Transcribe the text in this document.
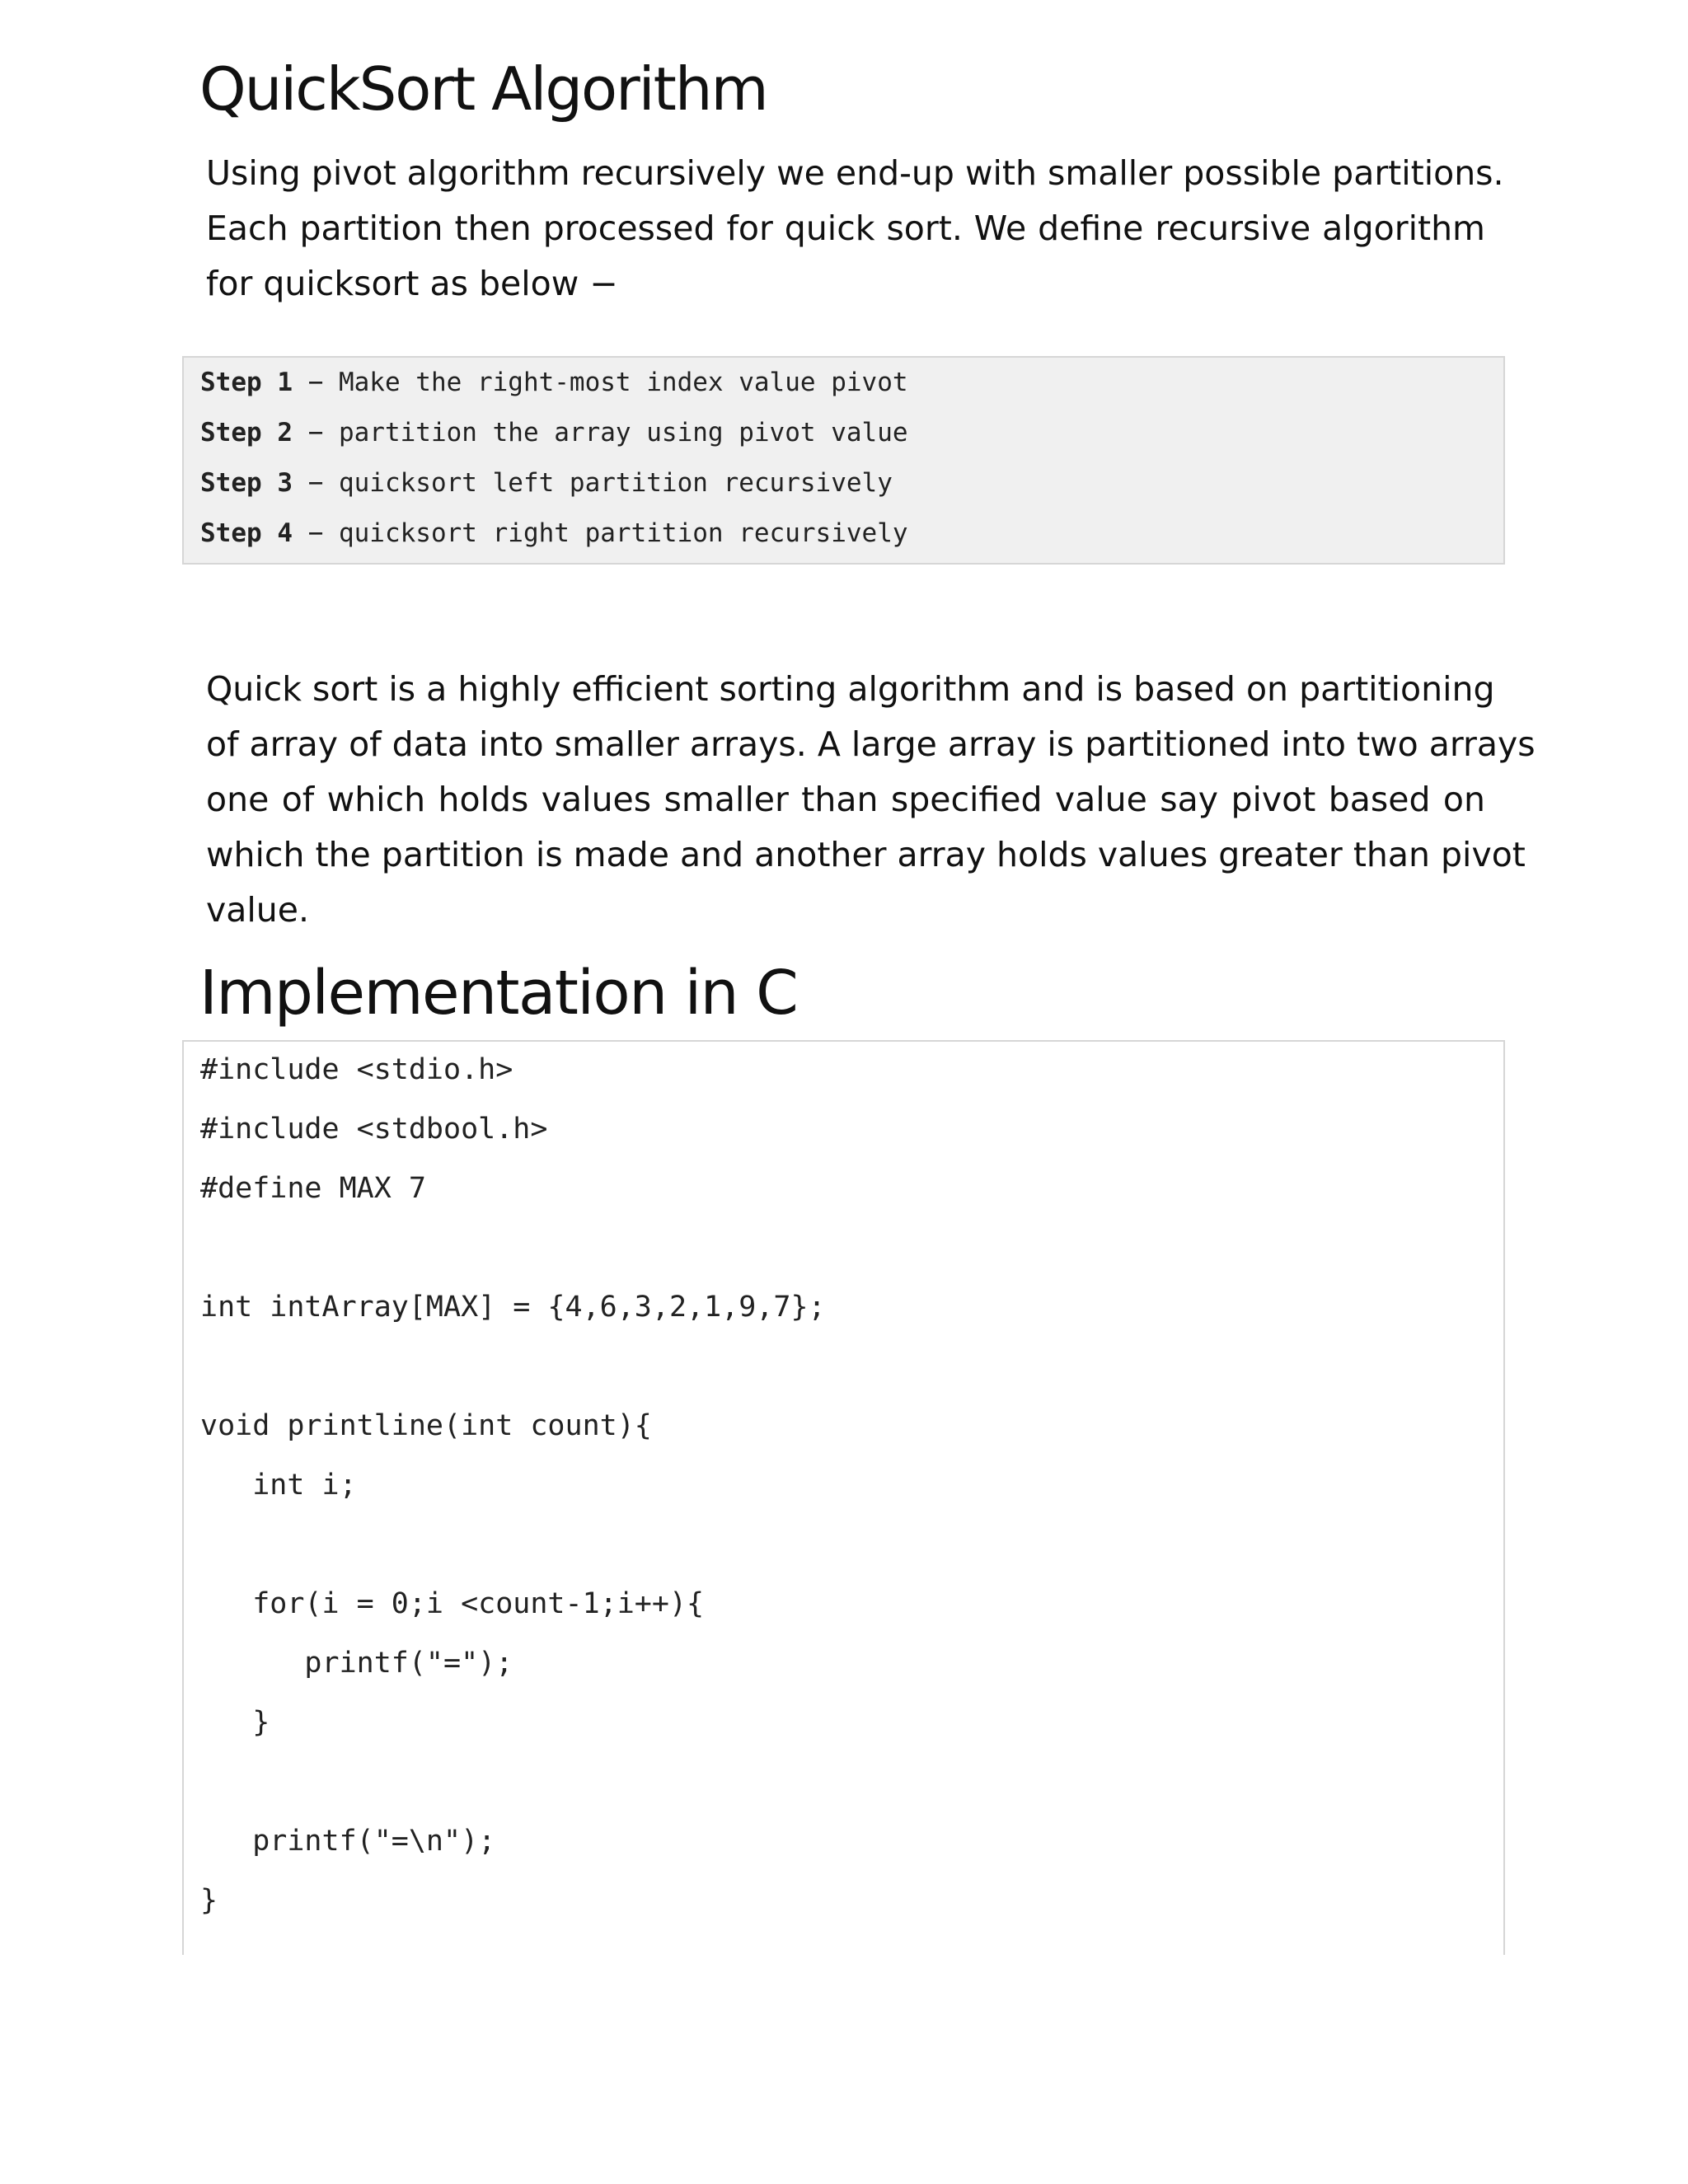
QuickSort Algorithm

Using pivot algorithm recursively we end-up with smaller possible partitions.
Each partition then processed for quick sort. We define recursive algorithm
for quicksort as below −

Step 1 − Make the right-most index value pivot
Step 2 − partition the array using pivot value
Step 3 − quicksort left partition recursively
Step 4 − quicksort right partition recursively

Quick sort is a highly efficient sorting algorithm and is based on partitioning
of array of data into smaller arrays. A large array is partitioned into two arrays
one of which holds values smaller than specified value say pivot based on
which the partition is made and another array holds values greater than pivot
value.

Implementation in C
#include <stdio.h>
#include <stdbool.h>
#define MAX 7
int intArray[MAX] = {4,6,3,2,1,9,7};
void printline(int count){
int i;
for(i = 0;i <count-1;i++){
printf("=");
}
printf("=\n");
}
